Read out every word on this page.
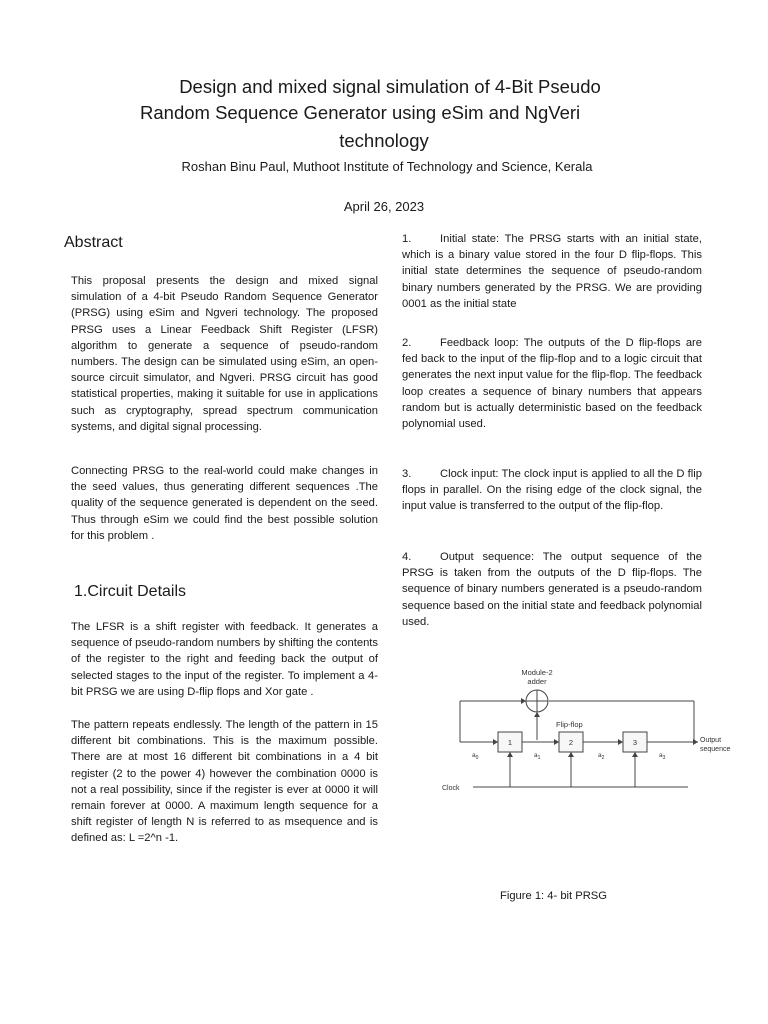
Design and mixed signal simulation of 4-Bit Pseudo
Random Sequence Generator using eSim and NgVeri
technology
Roshan Binu Paul, Muthoot Institute of Technology and Science, Kerala
April 26, 2023
Abstract
This proposal presents the design and mixed signal simulation of a 4-bit Pseudo Random Sequence Generator (PRSG) using eSim and Ngveri technology. The proposed PRSG uses a Linear Feedback Shift Register (LFSR) algorithm to generate a sequence of pseudo-random numbers. The design can be simulated using eSim, an open-source circuit simulator, and Ngveri. PRSG circuit has good statistical properties, making it suitable for use in applications such as cryptography, spread spectrum communication systems, and digital signal processing.
Connecting PRSG to the real-world could make changes in the seed values, thus generating different sequences .The quality of the sequence generated is dependent on the seed. Thus through eSim we could find the best possible solution for this problem .
1.Circuit Details
The LFSR is a shift register with feedback. It generates a sequence of pseudo-random numbers by shifting the contents of the register to the right and feeding back the output of selected stages to the input of the register. To implement a 4-bit PRSG we are using D-flip flops and Xor gate .
The pattern repeats endlessly. The length of the pattern in 15 different bit combinations. This is the maximum possible. There are at most 16 different bit combinations in a 4 bit register (2 to the power 4) however the combination 0000 is not a real possibility, since if the register is ever at 0000 it will remain forever at 0000. A maximum length sequence for a shift register of length N is referred to as msequence and is defined as: L =2^n -1.
1.	Initial state: The PRSG starts with an initial state, which is a binary value stored in the four D flip-flops. This initial state determines the sequence of pseudo-random binary numbers generated by the PRSG. We are providing 0001 as the initial state
2.	Feedback loop: The outputs of the D flip-flops are fed back to the input of the flip-flop and to a logic circuit that generates the next input value for the flip-flop. The feedback loop creates a sequence of binary numbers that appears random but is actually deterministic based on the feedback polynomial used.
3.	Clock input: The clock input is applied to all the D flip flops in parallel. On the rising edge of the clock signal, the input value is transferred to the output of the flip-flop.
4.	Output sequence: The output sequence of the PRSG is taken from the outputs of the D flip-flops. The sequence of binary numbers generated is a pseudo-random sequence based on the initial state and feedback polynomial used.
Module-2
adder
Flip-flop
1	2	3
$a_0$	$a_1$	$a_2$	$a_3$
Clock
Output
sequence
Figure 1: 4- bit PRSG
